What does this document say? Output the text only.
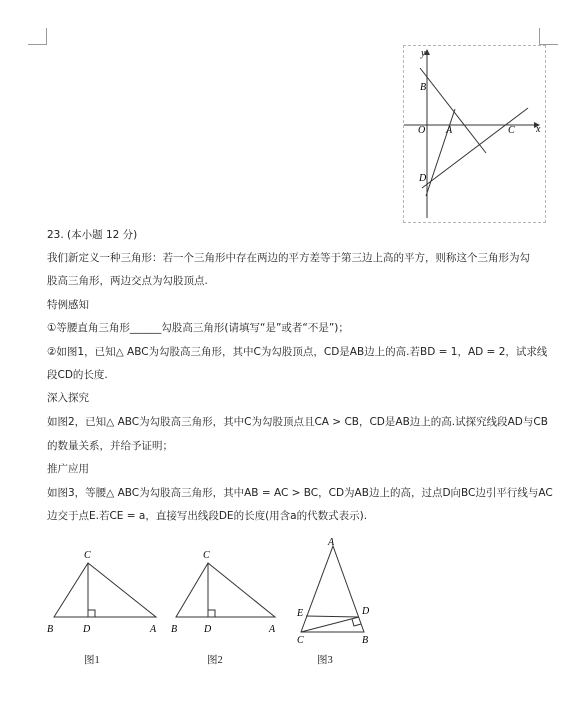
y
x
O
B
A	C
D
23. (本小题 12 分)
我们新定义一种三角形：若一个三角形中存在两边的平方差等于第三边上高的平方，则称这个三角形为勾
股高三角形，两边交点为勾股顶点.
特例感知
①等腰直角三角形______勾股高三角形(请填写“是”或者“不是”)；
②如图1，已知△ ABC为勾股高三角形，其中C为勾股顶点，CD是AB边上的高.若BD = 1，AD = 2，试求线
段CD的长度.
深入探究
如图2，已知△ ABC为勾股高三角形，其中C为勾股顶点且CA > CB，CD是AB边上的高.试探究线段AD与CB
的数量关系，并给予证明；
推广应用
如图3，等腰△ ABC为勾股高三角形，其中AB = AC > BC，CD为AB边上的高，过点D向BC边引平行线与AC
边交于点E.若CE = a，直接写出线段DE的长度(用含a的代数式表示).
C
B	D	A
图1
C
B	D	A
图2
A
E	D
C	B
图3
